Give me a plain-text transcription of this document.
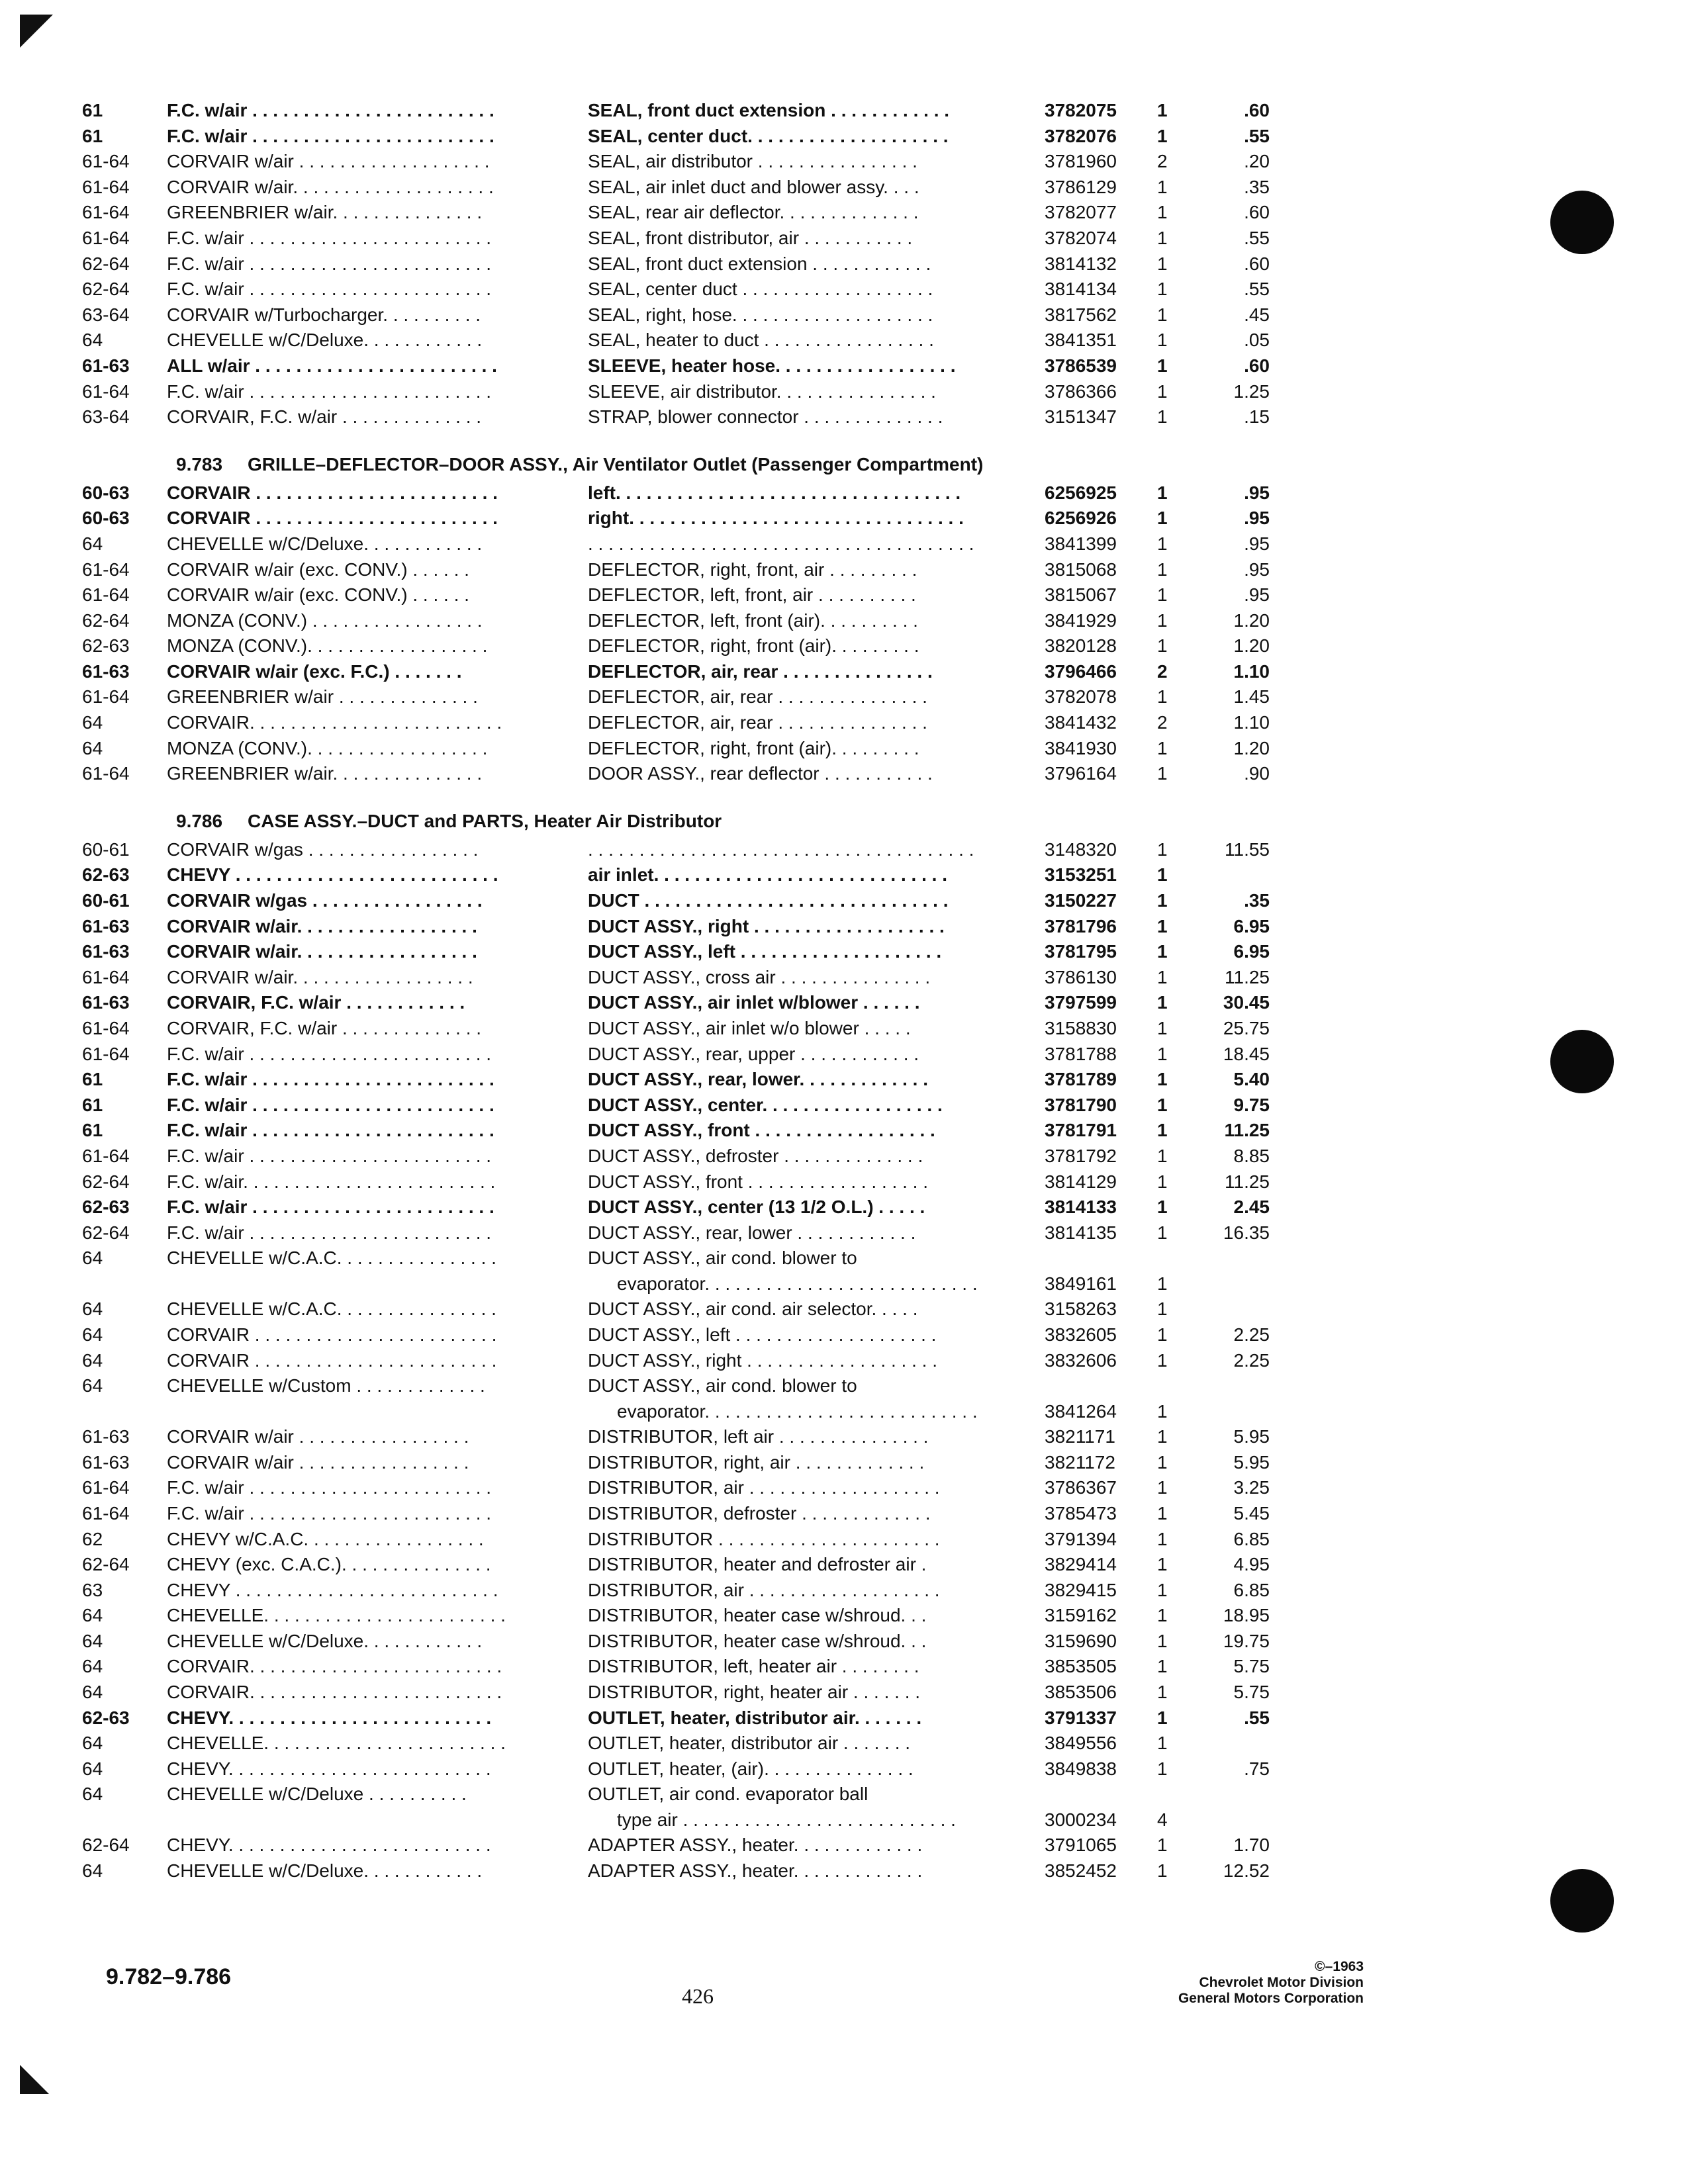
61	F.C. w/air . . . . . . . . . . . . . . . . . . . . . . . .	SEAL, front duct extension . . . . . . . . . . . .	3782075	1	.60
61	F.C. w/air . . . . . . . . . . . . . . . . . . . . . . . .	SEAL, center duct. . . . . . . . . . . . . . . . . . . .	3782076	1	.55
61-64	CORVAIR w/air . . . . . . . . . . . . . . . . . . .	SEAL, air distributor . . . . . . . . . . . . . . . .	3781960	2	.20
61-64	CORVAIR w/air. . . . . . . . . . . . . . . . . . . .	SEAL, air inlet duct and blower assy. . . .	3786129	1	.35
61-64	GREENBRIER w/air. . . . . . . . . . . . . . .	SEAL, rear air deflector. . . . . . . . . . . . . .	3782077	1	.60
61-64	F.C. w/air . . . . . . . . . . . . . . . . . . . . . . . .	SEAL, front distributor, air . . . . . . . . . . .	3782074	1	.55
62-64	F.C. w/air . . . . . . . . . . . . . . . . . . . . . . . .	SEAL, front duct extension . . . . . . . . . . . .	3814132	1	.60
62-64	F.C. w/air . . . . . . . . . . . . . . . . . . . . . . . .	SEAL, center duct . . . . . . . . . . . . . . . . . . .	3814134	1	.55
63-64	CORVAIR w/Turbocharger. . . . . . . . . .	SEAL, right, hose. . . . . . . . . . . . . . . . . . . .	3817562	1	.45
64	CHEVELLE w/C/Deluxe. . . . . . . . . . . .	SEAL, heater to duct . . . . . . . . . . . . . . . . .	3841351	1	.05
61-63	ALL w/air . . . . . . . . . . . . . . . . . . . . . . . .	SLEEVE, heater hose. . . . . . . . . . . . . . . . . .	3786539	1	.60
61-64	F.C. w/air . . . . . . . . . . . . . . . . . . . . . . . .	SLEEVE, air distributor. . . . . . . . . . . . . . . .	3786366	1	1.25
63-64	CORVAIR, F.C. w/air . . . . . . . . . . . . . .	STRAP, blower connector . . . . . . . . . . . . . .	3151347	1	.15
9.783 GRILLE–DEFLECTOR–DOOR ASSY., Air Ventilator Outlet (Passenger Compartment)
60-63	CORVAIR . . . . . . . . . . . . . . . . . . . . . . . .	left. . . . . . . . . . . . . . . . . . . . . . . . . . . . . . . . . .	6256925	1	.95
60-63	CORVAIR . . . . . . . . . . . . . . . . . . . . . . . .	right. . . . . . . . . . . . . . . . . . . . . . . . . . . . . . . . .	6256926	1	.95
64	CHEVELLE w/C/Deluxe. . . . . . . . . . . .	. . . . . . . . . . . . . . . . . . . . . . . . . . . . . . . . . . . . . .	3841399	1	.95
61-64	CORVAIR w/air (exc. CONV.) . . . . . .	DEFLECTOR, right, front, air . . . . . . . . .	3815068	1	.95
61-64	CORVAIR w/air (exc. CONV.) . . . . . .	DEFLECTOR, left, front, air . . . . . . . . . .	3815067	1	.95
62-64	MONZA (CONV.) . . . . . . . . . . . . . . . . .	DEFLECTOR, left, front (air). . . . . . . . . .	3841929	1	1.20
62-63	MONZA (CONV.). . . . . . . . . . . . . . . . . .	DEFLECTOR, right, front (air). . . . . . . . .	3820128	1	1.20
61-63	CORVAIR w/air (exc. F.C.) . . . . . . .	DEFLECTOR, air, rear . . . . . . . . . . . . . . .	3796466	2	1.10
61-64	GREENBRIER w/air . . . . . . . . . . . . . .	DEFLECTOR, air, rear . . . . . . . . . . . . . . .	3782078	1	1.45
64	CORVAIR. . . . . . . . . . . . . . . . . . . . . . . . .	DEFLECTOR, air, rear . . . . . . . . . . . . . . .	3841432	2	1.10
64	MONZA (CONV.). . . . . . . . . . . . . . . . . .	DEFLECTOR, right, front (air). . . . . . . . .	3841930	1	1.20
61-64	GREENBRIER w/air. . . . . . . . . . . . . . .	DOOR ASSY., rear deflector . . . . . . . . . . .	3796164	1	.90
9.786 CASE ASSY.–DUCT and PARTS, Heater Air Distributor
60-61	CORVAIR w/gas . . . . . . . . . . . . . . . . .	. . . . . . . . . . . . . . . . . . . . . . . . . . . . . . . . . . . . . .	3148320	1	11.55
62-63	CHEVY . . . . . . . . . . . . . . . . . . . . . . . . . .	air inlet. . . . . . . . . . . . . . . . . . . . . . . . . . . . .	3153251	1
60-61	CORVAIR w/gas . . . . . . . . . . . . . . . . .	DUCT . . . . . . . . . . . . . . . . . . . . . . . . . . . . . .	3150227	1	.35
61-63	CORVAIR w/air. . . . . . . . . . . . . . . . . .	DUCT ASSY., right . . . . . . . . . . . . . . . . . . .	3781796	1	6.95
61-63	CORVAIR w/air. . . . . . . . . . . . . . . . . .	DUCT ASSY., left . . . . . . . . . . . . . . . . . . . .	3781795	1	6.95
61-64	CORVAIR w/air. . . . . . . . . . . . . . . . . .	DUCT ASSY., cross air . . . . . . . . . . . . . . .	3786130	1	11.25
61-63	CORVAIR, F.C. w/air . . . . . . . . . . . .	DUCT ASSY., air inlet w/blower . . . . . .	3797599	1	30.45
61-64	CORVAIR, F.C. w/air . . . . . . . . . . . . . .	DUCT ASSY., air inlet w/o blower . . . . .	3158830	1	25.75
61-64	F.C. w/air . . . . . . . . . . . . . . . . . . . . . . . .	DUCT ASSY., rear, upper . . . . . . . . . . . .	3781788	1	18.45
61	F.C. w/air . . . . . . . . . . . . . . . . . . . . . . . .	DUCT ASSY., rear, lower. . . . . . . . . . . . .	3781789	1	5.40
61	F.C. w/air . . . . . . . . . . . . . . . . . . . . . . . .	DUCT ASSY., center. . . . . . . . . . . . . . . . . .	3781790	1	9.75
61	F.C. w/air . . . . . . . . . . . . . . . . . . . . . . . .	DUCT ASSY., front . . . . . . . . . . . . . . . . . .	3781791	1	11.25
61-64	F.C. w/air . . . . . . . . . . . . . . . . . . . . . . . .	DUCT ASSY., defroster . . . . . . . . . . . . . .	3781792	1	8.85
62-64	F.C. w/air. . . . . . . . . . . . . . . . . . . . . . . . .	DUCT ASSY., front . . . . . . . . . . . . . . . . . .	3814129	1	11.25
62-63	F.C. w/air . . . . . . . . . . . . . . . . . . . . . . . .	DUCT ASSY., center (13 1/2 O.L.) . . . . .	3814133	1	2.45
62-64	F.C. w/air . . . . . . . . . . . . . . . . . . . . . . . .	DUCT ASSY., rear, lower . . . . . . . . . . . .	3814135	1	16.35
64	CHEVELLE w/C.A.C. . . . . . . . . . . . . . . .	DUCT ASSY., air cond. blower to
evaporator. . . . . . . . . . . . . . . . . . . . . . . . . . .	3849161	1
64	CHEVELLE w/C.A.C. . . . . . . . . . . . . . . .	DUCT ASSY., air cond. air selector. . . . .	3158263	1
64	CORVAIR . . . . . . . . . . . . . . . . . . . . . . . .	DUCT ASSY., left . . . . . . . . . . . . . . . . . . . .	3832605	1	2.25
64	CORVAIR . . . . . . . . . . . . . . . . . . . . . . . .	DUCT ASSY., right . . . . . . . . . . . . . . . . . . .	3832606	1	2.25
64	CHEVELLE w/Custom . . . . . . . . . . . . .	DUCT ASSY., air cond. blower to
evaporator. . . . . . . . . . . . . . . . . . . . . . . . . . .	3841264	1
61-63	CORVAIR w/air . . . . . . . . . . . . . . . . .	DISTRIBUTOR, left air . . . . . . . . . . . . . . .	3821171	1	5.95
61-63	CORVAIR w/air . . . . . . . . . . . . . . . . .	DISTRIBUTOR, right, air . . . . . . . . . . . . .	3821172	1	5.95
61-64	F.C. w/air . . . . . . . . . . . . . . . . . . . . . . . .	DISTRIBUTOR, air . . . . . . . . . . . . . . . . . . .	3786367	1	3.25
61-64	F.C. w/air . . . . . . . . . . . . . . . . . . . . . . . .	DISTRIBUTOR, defroster . . . . . . . . . . . . .	3785473	1	5.45
62	CHEVY w/C.A.C. . . . . . . . . . . . . . . . . .	DISTRIBUTOR . . . . . . . . . . . . . . . . . . . . . .	3791394	1	6.85
62-64	CHEVY (exc. C.A.C.). . . . . . . . . . . . . . .	DISTRIBUTOR, heater and defroster air .	3829414	1	4.95
63	CHEVY . . . . . . . . . . . . . . . . . . . . . . . . . .	DISTRIBUTOR, air . . . . . . . . . . . . . . . . . . .	3829415	1	6.85
64	CHEVELLE. . . . . . . . . . . . . . . . . . . . . . . .	DISTRIBUTOR, heater case w/shroud. . .	3159162	1	18.95
64	CHEVELLE w/C/Deluxe. . . . . . . . . . . .	DISTRIBUTOR, heater case w/shroud. . .	3159690	1	19.75
64	CORVAIR. . . . . . . . . . . . . . . . . . . . . . . . .	DISTRIBUTOR, left, heater air . . . . . . . .	3853505	1	5.75
64	CORVAIR. . . . . . . . . . . . . . . . . . . . . . . . .	DISTRIBUTOR, right, heater air . . . . . . .	3853506	1	5.75
62-63	CHEVY. . . . . . . . . . . . . . . . . . . . . . . . . .	OUTLET, heater, distributor air. . . . . . .	3791337	1	.55
64	CHEVELLE. . . . . . . . . . . . . . . . . . . . . . . .	OUTLET, heater, distributor air . . . . . . .	3849556	1
64	CHEVY. . . . . . . . . . . . . . . . . . . . . . . . . .	OUTLET, heater, (air). . . . . . . . . . . . . . .	3849838	1	.75
64	CHEVELLE w/C/Deluxe . . . . . . . . . .	OUTLET, air cond. evaporator ball
type air . . . . . . . . . . . . . . . . . . . . . . . . . . .	3000234	4
62-64	CHEVY. . . . . . . . . . . . . . . . . . . . . . . . . .	ADAPTER ASSY., heater. . . . . . . . . . . . .	3791065	1	1.70
64	CHEVELLE w/C/Deluxe. . . . . . . . . . . .	ADAPTER ASSY., heater. . . . . . . . . . . . .	3852452	1	12.52
9.782–9.786
426
©–1963
Chevrolet Motor Division
General Motors Corporation
